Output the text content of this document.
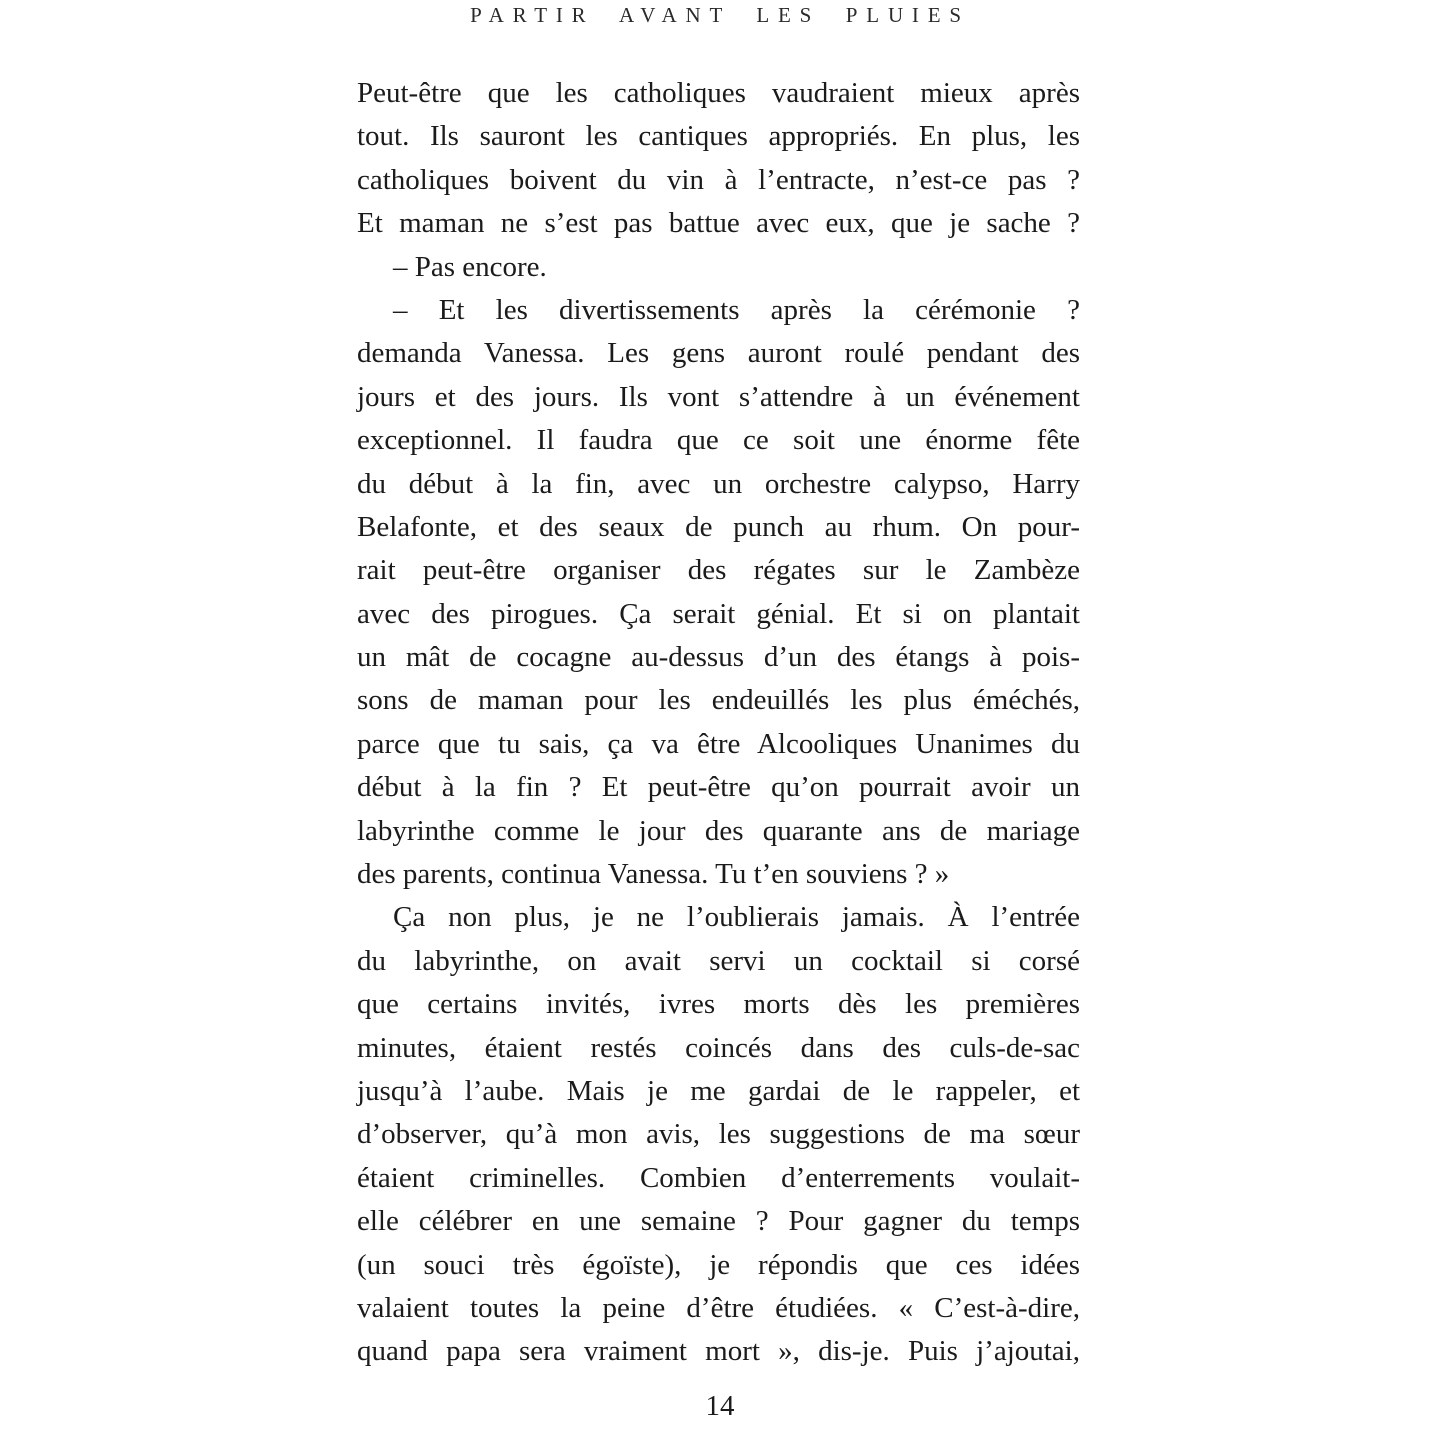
PARTIR AVANT LES PLUIES
Peut-être que les catholiques vaudraient mieux après
tout. Ils sauront les cantiques appropriés. En plus, les
catholiques boivent du vin à l’entracte, n’est-ce pas ?
Et maman ne s’est pas battue avec eux, que je sache ?
– Pas encore.
– Et les divertissements après la cérémonie ?
demanda Vanessa. Les gens auront roulé pendant des
jours et des jours. Ils vont s’attendre à un événement
exceptionnel. Il faudra que ce soit une énorme fête
du début à la fin, avec un orchestre calypso, Harry
Belafonte, et des seaux de punch au rhum. On pour-
rait peut-être organiser des régates sur le Zambèze
avec des pirogues. Ça serait génial. Et si on plantait
un mât de cocagne au-dessus d’un des étangs à pois-
sons de maman pour les endeuillés les plus éméchés,
parce que tu sais, ça va être Alcooliques Unanimes du
début à la fin ? Et peut-être qu’on pourrait avoir un
labyrinthe comme le jour des quarante ans de mariage
des parents, continua Vanessa. Tu t’en souviens ? »
Ça non plus, je ne l’oublierais jamais. À l’entrée
du labyrinthe, on avait servi un cocktail si corsé
que certains invités, ivres morts dès les premières
minutes, étaient restés coincés dans des culs-de-sac
jusqu’à l’aube. Mais je me gardai de le rappeler, et
d’observer, qu’à mon avis, les suggestions de ma sœur
étaient criminelles. Combien d’enterrements voulait-
elle célébrer en une semaine ? Pour gagner du temps
(un souci très égoïste), je répondis que ces idées
valaient toutes la peine d’être étudiées. « C’est-à-dire,
quand papa sera vraiment mort », dis-je. Puis j’ajoutai,
14
